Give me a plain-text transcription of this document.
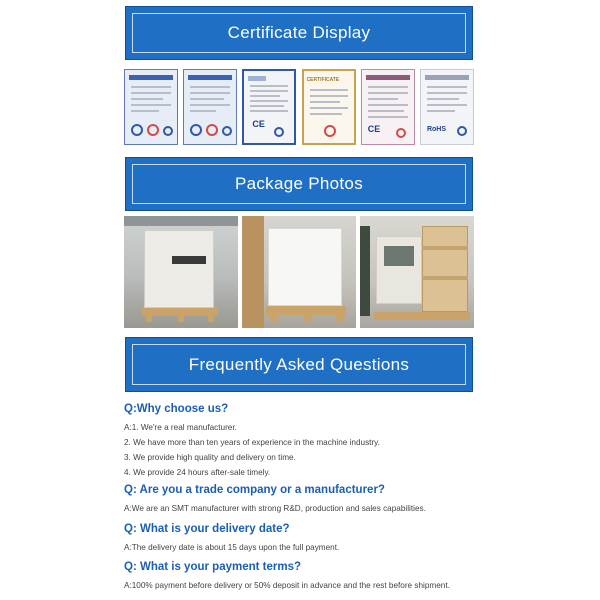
Certificate Display
CE
CERTIFICATE
CE	RoHS
Package Photos
Frequently Asked Questions
Q:Why choose us?
A:1. We're a real manufacturer.
2. We have more than ten years of experience in the machine industry.
3. We provide high quality and delivery on time.
4. We provide 24 hours after-sale timely.
Q: Are you a trade company or a manufacturer?
A:We are an SMT manufacturer with strong R&D, production and sales capabilities.
Q: What is your delivery date?
A:The delivery date is about 15 days upon the full payment.
Q: What is your payment terms?
A:100% payment before delivery or 50% deposit in advance and the rest before shipment.
